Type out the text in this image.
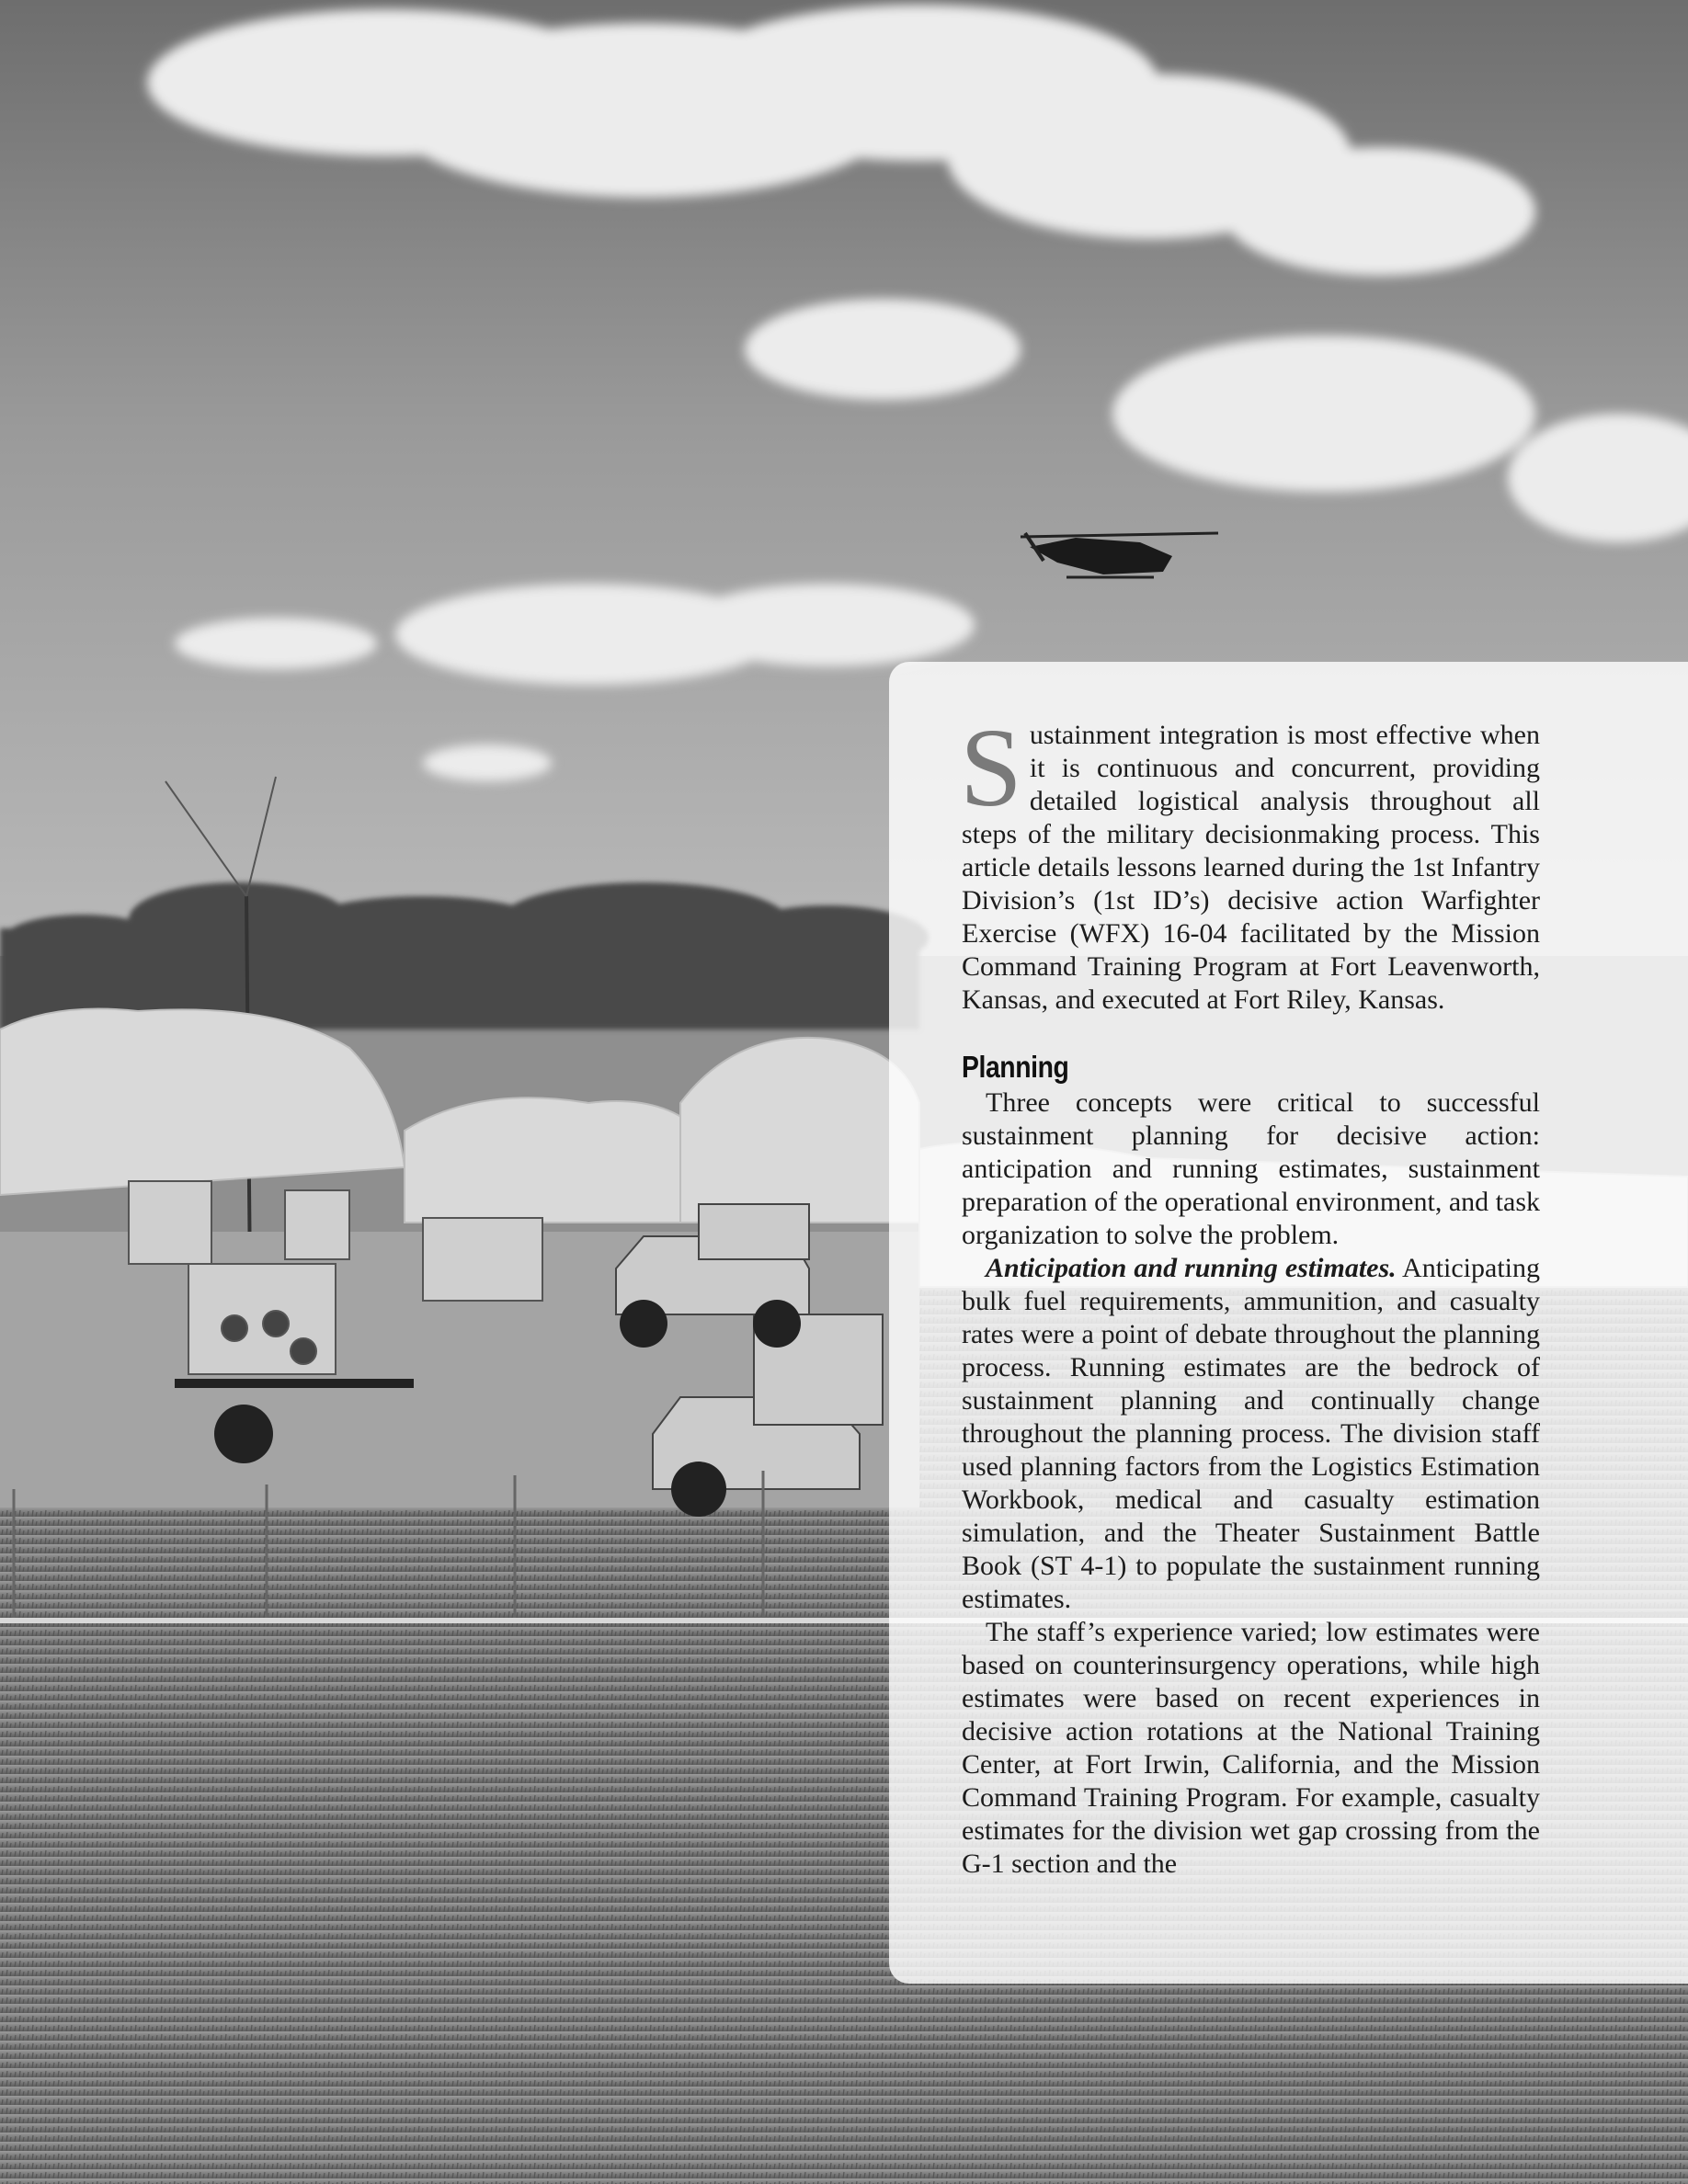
Sustainment integration is most effective when it is continuous and concurrent, providing detailed logistical analysis throughout all steps of the military decisionmaking process. This article details lessons learned during the 1st Infantry Division’s (1st ID’s) decisive action Warfighter Exercise (WFX) 16-04 facilitated by the Mission Command Training Program at Fort Leavenworth, Kansas, and executed at Fort Riley, Kansas.

Planning

Three concepts were critical to successful sustainment planning for decisive action: anticipation and running estimates, sustainment preparation of the operational environment, and task organization to solve the problem.

Anticipation and running estimates. Anticipating bulk fuel requirements, ammunition, and casualty rates were a point of debate throughout the planning process. Running estimates are the bedrock of sustainment planning and continually change throughout the planning process. The division staff used planning factors from the Logistics Estimation Workbook, medical and casualty estimation simulation, and the Theater Sustainment Battle Book (ST 4-1) to populate the sustainment running estimates.

The staff’s experience varied; low estimates were based on counterinsurgency operations, while high estimates were based on recent experiences in decisive action rotations at the National Training Center, at Fort Irwin, California, and the Mission Command Training Program. For example, casualty estimates for the division wet gap crossing from the G-1 section and the
